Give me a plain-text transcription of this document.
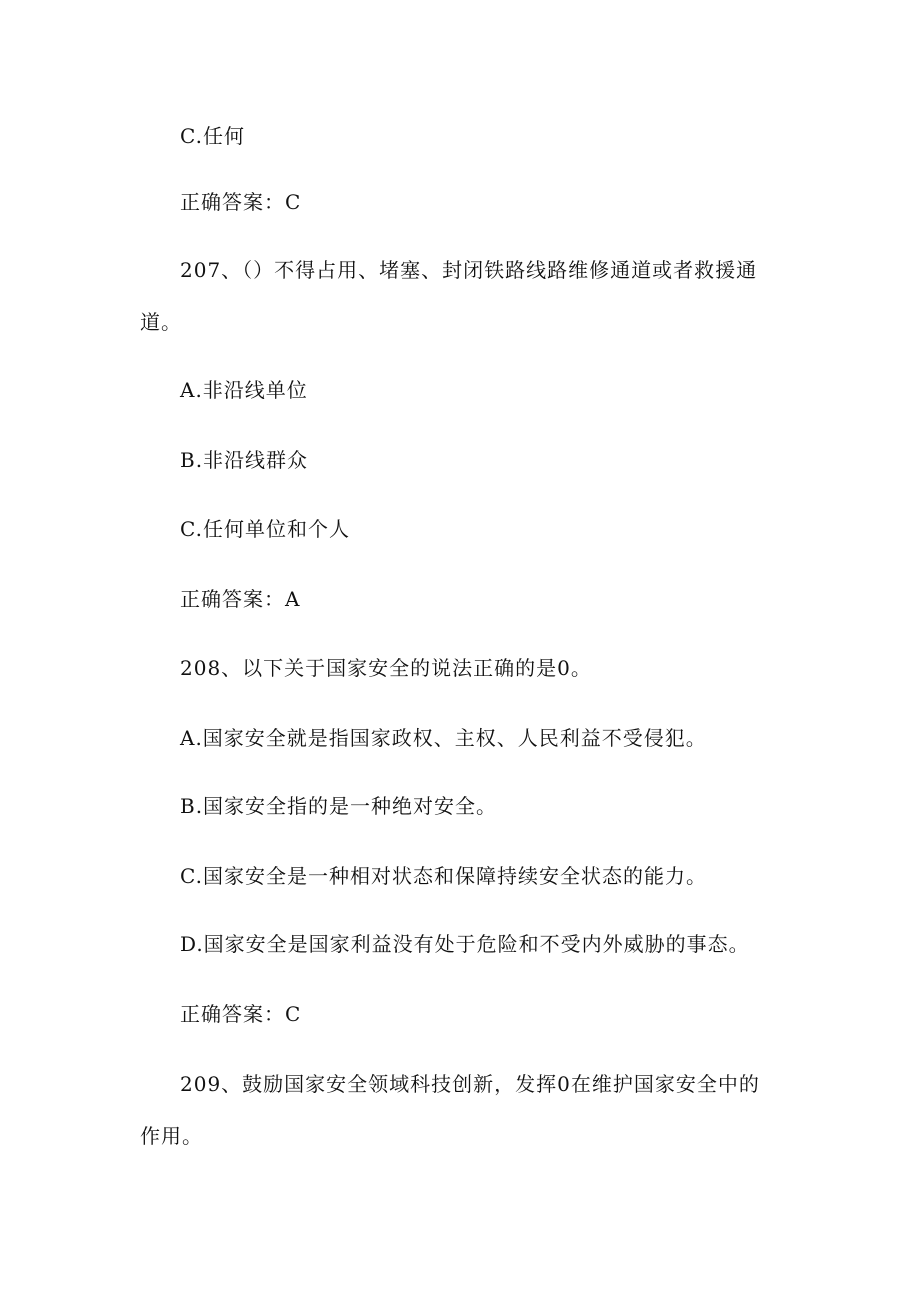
C.任何
正确答案：C
207、（）不得占用、堵塞、封闭铁路线路维修通道或者救援通
道。
A.非沿线单位
B.非沿线群众
C.任何单位和个人
正确答案：A
208、以下关于国家安全的说法正确的是0。
A.国家安全就是指国家政权、主权、人民利益不受侵犯。
B.国家安全指的是一种绝对安全。
C.国家安全是一种相对状态和保障持续安全状态的能力。
D.国家安全是国家利益没有处于危险和不受内外威胁的事态。
正确答案：C
209、鼓励国家安全领域科技创新，发挥0在维护国家安全中的
作用。
